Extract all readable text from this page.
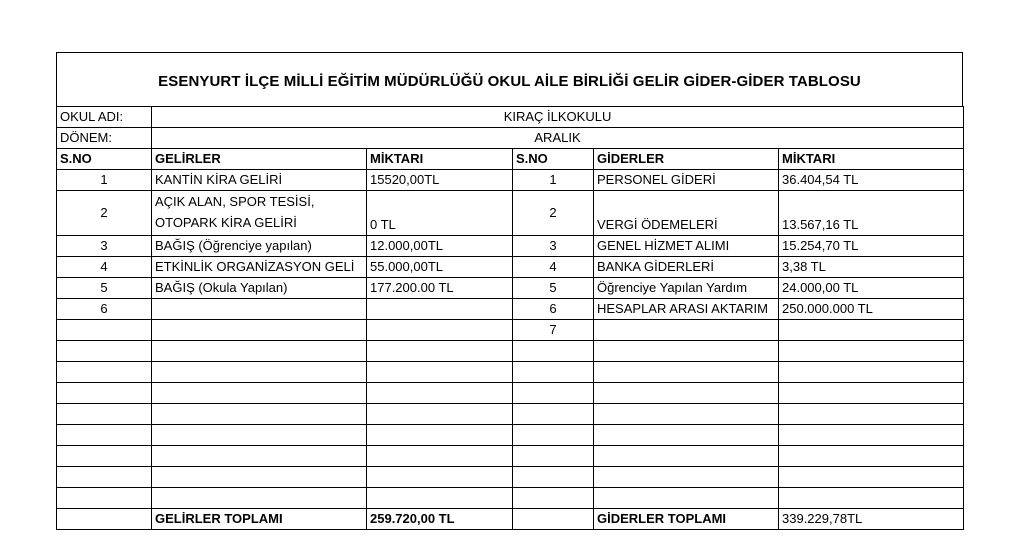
ESENYURT İLÇE MİLLİ EĞİTİM MÜDÜRLÜĞÜ OKUL AİLE BİRLİĞİ GELİR GİDER-GİDER TABLOSU
OKUL ADI:	KIRAÇ İLKOKULU				
DÖNEM:	ARALIK				
S.NO	GELİRLER	MİKTARI	S.NO	GİDERLER	MİKTARI
1	KANTİN KİRA GELİRİ	15520,00TL	1	PERSONEL GİDERİ	36.404,54 TL
2	AÇIK ALAN, SPOR TESİSİ, OTOPARK KİRA GELİRİ	0 TL	2	VERGİ ÖDEMELERİ	13.567,16 TL
3	BAĞIŞ (Öğrenciye yapılan)	12.000,00TL	3	GENEL HİZMET ALIMI	15.254,70 TL
4	ETKİNLİK ORGANİZASYON GELİ	55.000,00TL	4	BANKA GİDERLERİ	3,38 TL
5	BAĞIŞ (Okula Yapılan)	177.200.00 TL	5	Öğrenciye Yapılan Yardım	24.000,00 TL
6			6	HESAPLAR ARASI AKTARIM	250.000.000 TL
			7		

	GELİRLER TOPLAMI	259.720,00 TL		GİDERLER TOPLAMI	339.229,78TL
